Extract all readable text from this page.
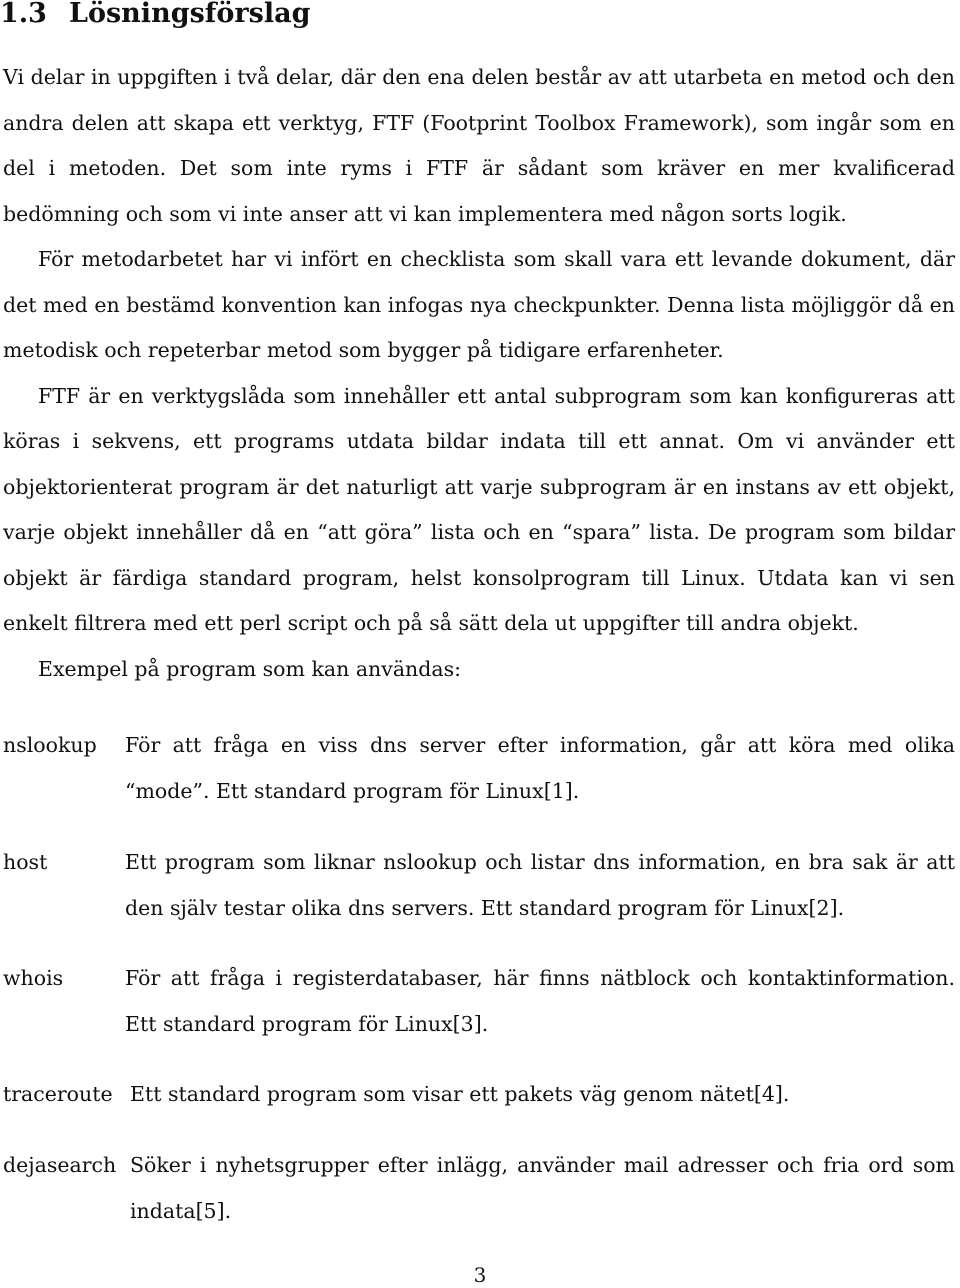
1.3 Lösningsförslag

Vi delar in uppgiften i två delar, där den ena delen består av att utarbeta en metod och den andra delen att skapa ett verktyg, FTF (Footprint Toolbox Framework), som ingår som en del i metoden. Det som inte ryms i FTF är sådant som kräver en mer kvalificerad bedömning och som vi inte anser att vi kan implementera med någon sorts logik.

För metodarbetet har vi infört en checklista som skall vara ett levande dokument, där det med en bestämd konvention kan infogas nya checkpunkter. Denna lista möjliggör då en metodisk och repeterbar metod som bygger på tidigare erfarenheter.

FTF är en verktygslåda som innehåller ett antal subprogram som kan konfigureras att köras i sekvens, ett programs utdata bildar indata till ett annat. Om vi använder ett objektorienterat program är det naturligt att varje subprogram är en instans av ett objekt, varje objekt innehåller då en “att göra” lista och en “spara” lista. De program som bildar objekt är färdiga standard program, helst konsolprogram till Linux. Utdata kan vi sen enkelt filtrera med ett perl script och på så sätt dela ut uppgifter till andra objekt.

Exempel på program som kan användas:

nslookup För att fråga en viss dns server efter information, går att köra med olika “mode”. Ett standard program för Linux[1].
host	Ett program som liknar nslookup och listar dns information, en bra sak är att den själv testar olika dns servers. Ett standard program för Linux[2].
whois	För att fråga i registerdatabaser, här finns nätblock och kontaktinformation. Ett standard program för Linux[3].
traceroute Ett standard program som visar ett pakets väg genom nätet[4].
dejasearch Söker i nyhetsgrupper efter inlägg, använder mail adresser och fria ord som indata[5].
3
